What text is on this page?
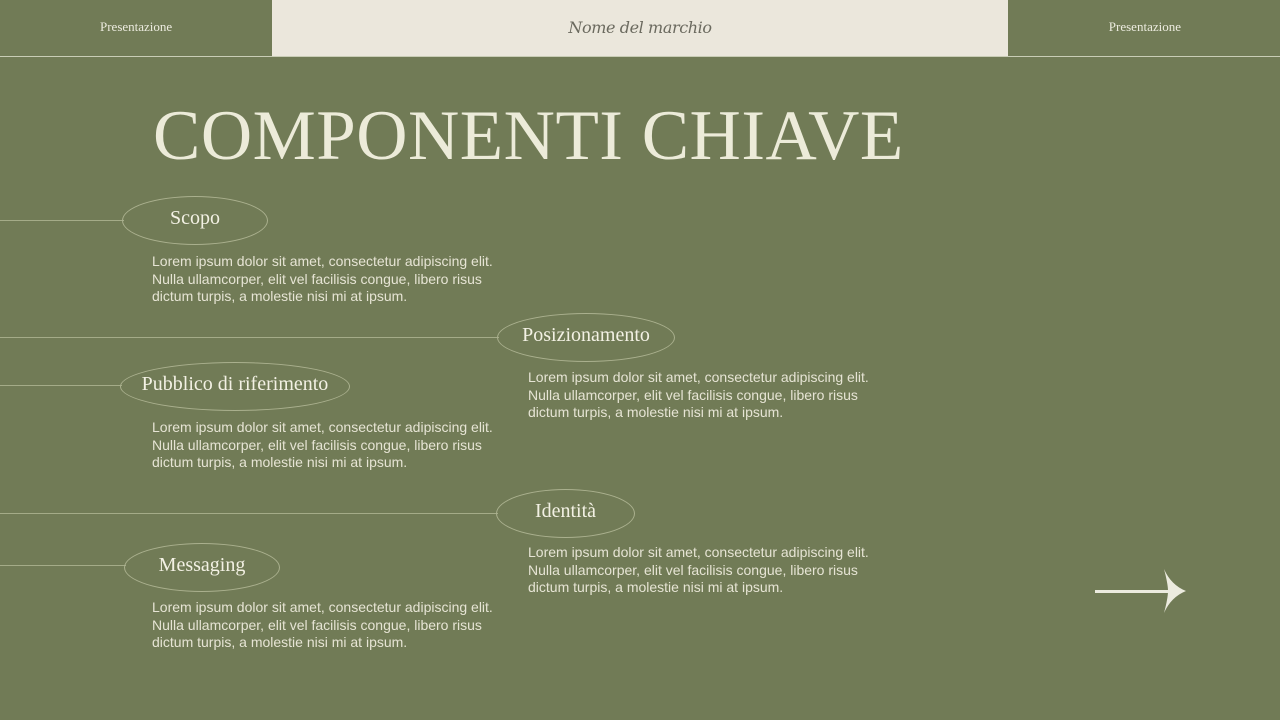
Presentazione	Nome del marchio	Presentazione
COMPONENTI CHIAVE
Scopo

Lorem ipsum dolor sit amet, consectetur adipiscing elit. Nulla ullamcorper, elit vel facilisis congue, libero risus dictum turpis, a molestie nisi mi at ipsum.

Posizionamento

Lorem ipsum dolor sit amet, consectetur adipiscing elit. Nulla ullamcorper, elit vel facilisis congue, libero risus dictum turpis, a molestie nisi mi at ipsum.

Pubblico di riferimento

Lorem ipsum dolor sit amet, consectetur adipiscing elit. Nulla ullamcorper, elit vel facilisis congue, libero risus dictum turpis, a molestie nisi mi at ipsum.

Identità

Lorem ipsum dolor sit amet, consectetur adipiscing elit. Nulla ullamcorper, elit vel facilisis congue, libero risus dictum turpis, a molestie nisi mi at ipsum.

Messaging

Lorem ipsum dolor sit amet, consectetur adipiscing elit. Nulla ullamcorper, elit vel facilisis congue, libero risus dictum turpis, a molestie nisi mi at ipsum.
